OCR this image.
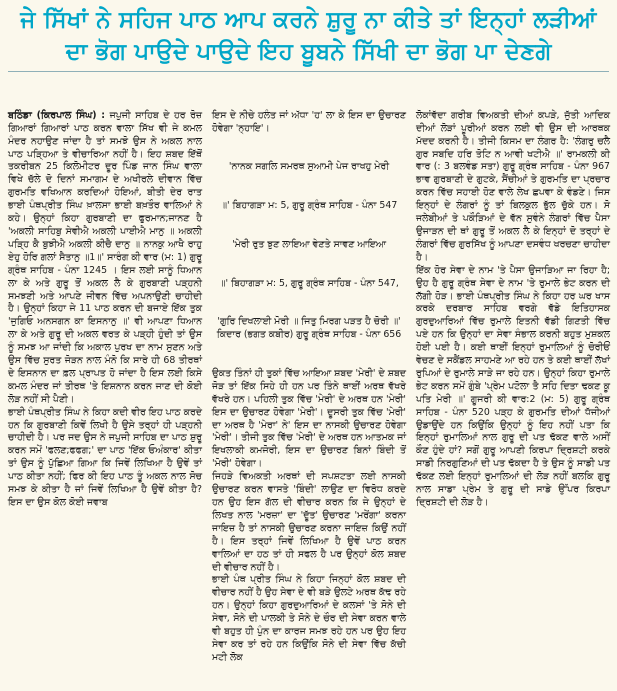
ਜੇ ਸਿੱਖਾਂ ਨੇ ਸਹਿਜ ਪਾਠ ਆਪ ਕਰਨੇ ਸ਼ੁਰੂ ਨਾ ਕੀਤੇ ਤਾਂ ਇਨ੍ਹਾਂ ਲੜੀਆਂ ਦਾ ਭੋਗ ਪਾਉਦੇ ਪਾਉਦੇ ਇਹ ਬੂਬਨੇ ਸਿੱਖੀ ਦਾ ਭੋਗ ਪਾ ਦੇਣਗੇ

ਬਠਿੰਡਾ (ਕਿਰਪਾਲ ਸਿੰਘ) : ਜਪੁਜੀ ਸਾਹਿਬ ਦੇ ਹਰ ਰੋਜ਼ ਗਿਆਰਾਂ ਗਿਆਰਾਂ ਪਾਠ ਕਰਨ ਵਾਲਾ ਸਿੱਖ ਵੀ ਜੇ ਕਮਲ ਮੰਦਰ ਨਹਾਉਣ ਜਾਂਦਾ ਹੈ ਤਾਂ ਸਮਝੋ ਉਸ ਨੇ ਅਕਲ ਨਾਲ ਪਾਠ ਪੜ੍ਹਿਆ ਤੇ ਵੀਚਾਰਿਆ ਨਹੀਂ ਹੈ। ਇਹ ਸ਼ਬਦ ਇੱਥੋਂ ਤਕਰੀਬਨ 25 ਕਿਲੋਮੀਟਰ ਦੂਰ ਪਿੰਡ ਜਾਨ ਸਿੰਘ ਵਾਲਾ ਵਿਖੇ ਚੱਲੇ ਦੋ ਦਿਨਾਂ ਸਮਾਗਮ ਦੇ ਅਖੀਰਲੇ ਦੀਵਾਨ ਵਿੱਚ ਗੁਰਮਤਿ ਵਖਿਆਨ ਕਰਦਿਆਂ ਹੋਇਆਂ, ਬੀਤੀ ਦੇਰ ਰਾਤ ਭਾਈ ਪੰਥਪ੍ਰੀਤ ਸਿੰਘ ਖ਼ਾਲਸਾ ਭਾਈ ਬਖ਼ਤੌਰ ਵਾਲਿਆਂ ਨੇ ਕਹੇ। ਉਨ੍ਹਾਂ ਕਿਹਾ ਗੁਰਬਾਣੀ ਦਾ ਫੁਰਮਾਨ;ਜਾਨਣ ਹੈ 'ਅਕਲੀ ਸਾਹਿਬੁ ਸੇਵੀਐ ਅਕਲੀ ਪਾਈਐ ਮਾਨੁ ॥ ਅਕਲੀ ਪੜ੍ਹਿ ਕੈ ਬੁਝੀਐ ਅਕਲੀ ਕੀਚੈ ਦਾਨੁ ॥ ਨਾਨਕੁ ਆਖੈ ਰਾਹੁ ਏਹੁ ਹੋਰਿ ਗਲਾਂ ਸੈਤਾਨੁ ॥1॥' ਸਾਰੰਗ ਕੀ ਵਾਰ (ਮ: 1) ਗੁਰੂ ਗ੍ਰੰਥ ਸਾਹਿਬ - ਪੰਨਾ 1245 । ਇਸ ਲਈ ਸਾਨੂੰ ਧਿਆਨ ਲਾ ਕੇ ਅਤੇ ਗੁਰੂ ਤੋਂ ਅਕਲ ਲੈ ਕੇ ਗੁਰਬਾਣੀ ਪੜ੍ਹਨੀ ਸਮਝਣੀ ਅਤੇ ਆਪਣੇ ਜੀਵਨ ਵਿੱਚ ਅਪਨਾਉਣੀ ਚਾਹੀਦੀ ਹੈ। ਉਨ੍ਹਾਂ ਕਿਹਾ ਜੇ 11 ਪਾਠ ਕਰਨ ਦੀ ਬਜਾਏ ਇੱਕ ਤੁਕ 'ਜੁਗਿਓ ਅਨਸਗਨ ਕਾ ਇਸਨਾਨੁ ॥' ਵੀ ਆਪਣਾ ਧਿਆਨ ਲਾ ਕੇ ਅਤੇ ਗੁਰੂ ਦੀ ਅਕਲ ਵਰਤ ਕੇ ਪੜ੍ਹੀ ਹੁੰਦੀ ਤਾਂ ਉਸ ਨੂੰ ਸਮਝ ਆ ਜਾਂਦੀ ਕਿ ਅਕਾਲ ਪੁਰਖ ਦਾ ਨਾਮ ਸੁਣਨ ਅਤੇ ਉਸ ਵਿੱਚ ਸੁਰਤ ਜੋੜਨ ਨਾਲ ਮੰਨੋ ਕਿ ਸਾਰੇ ਹੀ 68 ਤੀਰਥਾਂ ਦੇ ਇਸਨਾਨ ਦਾ ਫ਼ਲ ਪ੍ਰਾਪਤ ਹੋ ਜਾਂਦਾ ਹੈ ਇਸ ਲਈ ਕਿਸੇ ਕਮਲ ਮੰਦਰ ਜਾਂ ਤੀਰਥ 'ਤੇ ਇਸ਼ਨਾਨ ਕਰਨ ਜਾਣ ਦੀ ਕੋਈ ਲੋੜ ਨਹੀਂ ਸੀ ਪੈਣੀ।
ਭਾਈ ਪੰਥਪ੍ਰੀਤ ਸਿੰਘ ਨੇ ਕਿਹਾ ਕਦੀ ਵੀਰ ਇਹ ਪਾਠ ਕਰਦੇ ਹਨ ਕਿ ਗੁਰਬਾਣੀ ਕਿਵੇਂ ਲਿਖੀ ਹੈ ਉਸੇ ਤਰ੍ਹਾਂ ਹੀ ਪੜ੍ਹਨੀ ਚਾਹੀਦੀ ਹੈ। ਪਰ ਜਦ ਉਸ ਨੇ ਜਪੁਜੀ ਸਾਹਿਬ ਦਾ ਪਾਠ ਸ਼ੁਰੂ ਕਰਨ ਸਮੇਂ 'ਫਲਣ;ਫਫਗ;' ਦਾ ਪਾਠ 'ਇੱਕ ਓਅੰਕਾਰ' ਕੀਤਾ ਤਾਂ ਉਸ ਨੂੰ ਪੁੱਛਿਆ ਗਿਆ ਕਿ ਜਿਵੇਂ ਲਿਖਿਆ ਹੈ ਉਵੇਂ ਤਾਂ ਪਾਠ ਕੀਤਾ ਨਹੀਂ; ਫਿਰ ਕੀ ਇਹ ਪਾਠ ਤੂੰ ਅਕਲ ਨਾਲ ਸੋਚ ਸਮਝ ਕੇ ਕੀਤਾ ਹੈ ਜਾਂ ਜਿਵੇਂ ਲਿਖਿਆ ਹੈ ਉਵੇਂ ਕੀਤਾ ਹੈ? ਇਸ ਦਾ ਉਸ ਕੋਲ ਕੋਈ ਜਵਾਬ

ਇਸ ਦੇ ਨੀਚੇ ਹਲੰਤ ਜਾਂ ਅੱਧਾ 'ਹ' ਲਾ ਕੇ ਇਸ ਦਾ ਉਚਾਰਣ ਹੋਵੇਗਾ 'ਨ੍ਹਾਇ'।

'ਨਾਨਕ ਸਗਲਿ ਸਮਰਥ ਸੁਆਮੀ ਪੇਜ ਰਾਖਹੁ ਮੇਰੀ

॥' ਬਿਹਾਗੜਾ ਮ: 5, ਗੁਰੂ ਗ੍ਰੰਥ ਸਾਹਿਬ - ਪੰਨਾ 547

'ਮੇਰੀ ਰੁਤ ਝੁਣ ਲਾਇਆ ਵੇਣਤੇ ਸਾਵਣ ਆਇਆ

॥' ਬਿਹਾਗੜਾ ਮ: 5, ਗੁਰੂ ਗ੍ਰੰਥ ਸਾਹਿਬ - ਪੰਨਾ 547,

'ਗੁਰਿ ਦਿਖਲਾਈ ਮੋਰੀ ॥ ਜਿਤੁ ਮਿਰਗ ਪੜਤ ਹੈ ਚੋਰੀ ॥' ਕਿਦਾਰ (ਭਗਤ ਕਬੀਰ) ਗੁਰੂ ਗ੍ਰੰਥ ਸਾਹਿਬ - ਪੰਨਾ 656

ਉਕਤ ਤਿੰਨਾਂ ਹੀ ਤੁਕਾਂ ਵਿੱਚ ਆਇਆ ਸ਼ਬਦ 'ਮੇਰੀ' ਦੇ ਸ਼ਬਦ ਜੋੜ ਤਾਂ ਇੱਕ ਸਿਹੇ ਹੀ ਹਨ ਪਰ ਤਿੰਨੇ ਥਾਈਂ ਅਰਥ ਵੱਖਰੇ ਵੱਖਰੇ ਹਨ। ਪਹਿਲੀ ਤੁਕ ਵਿੱਚ 'ਮੇਰੀ' ਦੇ ਅਰਥ ਹਨ 'ਮੇਰੀ' ਇਸ ਦਾ ਉਚਾਰਣ ਹੋਵੇਗਾ 'ਮੇਰੀ'। ਦੂਸਰੀ ਤੁਕ ਵਿੱਚ 'ਮੇਰੀ' ਦਾ ਅਰਥ ਹੈ 'ਮੇਰਾ' ਨੇ' ਇਸ ਦਾ ਨਾਸਕੀ ਉਚਾਰਣ ਹੋਵੇਗਾ 'ਮੇਰੀ'। ਤੀਜੀ ਤੁਕ ਵਿੱਚ 'ਮੇਰੀ' ਦੇ ਅਰਥ ਹਨ ਆਤਮਕ ਜਾਂ ਇਖਲਾਕੀ ਕਮਜੋਰੀ, ਇਸ ਦਾ ਉਚਾਰਣ ਬਿਨਾਂ ਬਿੰਦੀ ਤੋਂ 'ਮੋਰੀ' ਹੋਵੇਗਾ।
ਜਿਹੜੇ ਵਿਅਕਤੀ ਅਰਥਾਂ ਦੀ ਸਪਸ਼ਟਤਾ ਲਈ ਨਾਸਕੀ ਉਚਾਰਣ ਕਰਨ ਵਾਸਤੇ 'ਬਿੰਦੀ' ਲਾਉਣ ਦਾ ਵਿਰੋਧ ਕਰਦੇ ਹਨ ਉਹ ਇਸ ਗੱਲ ਦੀ ਵੀਚਾਰ ਕਰਨ ਕਿ ਜੇ ਉਨ੍ਹਾਂ ਦੇ ਲਿਖਤ ਨਾਲ 'ਮਰਜ਼ਾ' ਦਾ 'ਦੂੱਤ' ਉਚਾਰਣ 'ਮਰੇਂਗਾ' ਕਰਨਾ ਜਾਇਜ਼ ਹੈ ਤਾਂ ਨਾਸਕੀ ਉਚਾਰਣ ਕਰਨਾ ਜਾਇਜ਼ ਕਿਉਂ ਨਹੀਂ ਹੈ। ਇਸ ਤਰ੍ਹਾਂ ਜਿਵੇਂ ਲਿਖਿਆ ਹੈ ਉਵੇਂ ਪਾਠ ਕਰਨ ਵਾਲਿਆਂ ਦਾ ਹਠ ਤਾਂ ਹੀ ਸਫਲ ਹੈ ਪਰ ਉਨ੍ਹਾਂ ਕੋਲ ਸ਼ਬਦ ਦੀ ਵੀਚਾਰ ਨਹੀਂ ਹੈ।
ਭਾਈ ਪੰਥ ਪ੍ਰੀਤ ਸਿੰਘ ਨੇ ਕਿਹਾ ਜਿਨ੍ਹਾਂ ਕੋਲ ਸ਼ਬਦ ਦੀ ਵੀਚਾਰ ਨਹੀਂ ਹੈ ਉਹ ਸੇਵਾ ਦੇ ਵੀ ਬੜੇ ਉਲਟੇ ਅਰਥ ਕੱਢ ਰਹੇ ਹਨ। ਉਨ੍ਹਾਂ ਕਿਹਾ ਗੁਰਦੁਆਰਿਆਂ ਦੇ ਕਲਸਾਂ 'ਤੇ ਸੋਨੇ ਦੀ ਸੇਵਾ, ਸੋਨੇ ਦੀ ਪਾਲਕੀ ਤੇ ਸੋਨੇ ਦੇ ਚੌਰ ਦੀ ਸੇਵਾ ਕਰਨ ਵਾਲੇ ਵੀ ਬਹੁਤ ਹੀ ਪੁੰਨ ਦਾ ਕਾਰਜ ਸਮਝ ਰਹੇ ਹਨ ਪਰ ਉਹ ਇਹ ਸੇਵਾ ਕਰ ਤਾਂ ਰਹੇ ਹਨ ਕਿਉਂਕਿ ਸੋਨੇ ਦੀ ਸੇਵਾ ਵਿੱਚ ਕੱਚੀ ਮਟੀ ਲੋਕ

ਲੋਕਾਂਵੱਦਾ ਗਰੀਬ ਵਿਅਕਤੀ ਦੀਆਂ ਕਪੜੇ, ਜੁੱਤੀ ਆਦਿਕ ਦੀਆਂ ਲੋੜਾਂ ਪੂਰੀਆਂ ਕਰਨ ਲਈ ਵੀ ਉਸ ਦੀ ਆਰਥਕ ਮੱਦਦ ਕਰਨੀ ਹੈ। ਤੀਜੀ ਕਿਸਮ ਦਾ ਲੰਗਰ ਹੈ: 'ਲੰਗਰੁ ਚਲੈ ਗੁਰ ਸਬਦਿ ਹਰਿ ਤੋਟਿ ਨ ਆਵੀ ਖਟੀਐ ॥' ਰਾਮਕਲੀ ਕੀ ਵਾਰ (: 3 ਬਲਵੰਡ ਸਤਾ) ਗੁਰੂ ਗ੍ਰੰਥ ਸਾਹਿਬ - ਪੰਨਾ 967 ਭਾਵ ਗੁਰਬਾਣੀ ਦੇ ਗੁਟਕੇ, ਸੈਂਚੀਆਂ ਤੇ ਗੁਰਮਤਿ ਦਾ ਪ੍ਰਚਾਰ ਕਰਨ ਵਿੱਚ ਸਹਾਈ ਹੋਣ ਵਾਲੇ ਲੇਖ ਛਪਵਾ ਕੇ ਵੰਡਣੇ। ਜਿਸ ਇਨ੍ਹਾਂ ਦੇ ਲੰਗਰਾਂ ਨੂੰ ਤਾਂ ਬਿਲਕੁਲ ਭੁੱਲ ਚੁੱਕੇ ਹਨ। ਸੋ ਜਲੇਬੀਆਂ ਤੇ ਪਕੌੜਿਆਂ ਦੇ ਵੱਨ ਸੁਵੰਨੇ ਲੰਗਰਾਂ ਵਿੱਚ ਪੈਸਾ ਉਜਾੜਨ ਦੀ ਥਾਂ ਗੁਰੂ ਤੋਂ ਅਕਲ ਲੈ ਕੇ ਇਨ੍ਹਾਂ ਦੋ ਤਰ੍ਹਾਂ ਦੇ ਲੰਗਰਾਂ ਵਿੱਚ ਗੁਰਸਿੱਖ ਨੂੰ ਆਪਣਾ ਦਸਵੰਧ ਖਰਚਣਾ ਚਾਹੀਦਾ ਹੈ।
ਇੱਕ ਹੋਰ ਸੇਵਾ ਦੇ ਨਾਮ 'ਤੇ ਪੈਸਾ ਉਜਾੜਿਆ ਜਾ ਰਿਹਾ ਹੈ; ਉਹ ਹੈ ਗੁਰੂ ਗ੍ਰੰਥ ਸੇਵਾ ਦੇ ਨਾਮ 'ਤੇ ਰੁਮਾਲੇ ਭੇਟ ਕਰਨ ਦੀ ਲੱਗੀ ਹੋੜ। ਭਾਈ ਪੰਥਪ੍ਰੀਤ ਸਿੰਘ ਨੇ ਕਿਹਾ ਹਰ ਘਰ ਖਾਸ ਕਰਕੇ ਦਰਬਾਰ ਸਾਹਿਬ ਵਰਗੇ ਵੱਡੇ ਇਤਿਹਾਸਕ ਗੁਰਦੁਆਰਿਆਂ ਵਿੱਚ ਰੁਮਾਲੇ ਇਤਨੀ ਵੱਡੀ ਗਿਣਤੀ ਵਿੱਚ ਪਏ ਹਨ ਕਿ ਉਨ੍ਹਾਂ ਦਾ ਸੇਵਾ ਸੰਭਾਲ ਕਰਨੀ ਬਹੁਤ ਮੁਸ਼ਕਲ ਹੋਈ ਪਈ ਹੈ। ਕਈ ਥਾਈਂ ਇਨ੍ਹਾਂ ਰੁਮਾਲਿਆਂ ਨੂੰ ਚੋਰੀਓਂ ਵੇਚਣ ਦੇ ਸਕੈਂਡਲ ਸਾਹਮਣੇ ਆ ਰਹੇ ਹਨ ਤੇ ਕਈ ਥਾਈਂ ਲੱਖਾਂ ਰੁਪਿਆਂ ਦੇ ਰੁਮਾਲੇ ਸਾੜੇ ਜਾ ਰਹੇ ਹਨ। ਉਨ੍ਹਾਂ ਕਿਹਾ ਰੁਮਾਲੇ ਭੇਟ ਕਰਨ ਸਮੇਂ ਗੁੰਬੇ 'ਪ੍ਰੇਮ ਪਟੋਲਾ ਤੈ ਸਹਿ ਦਿਤਾ ਢਕਣ ਕੂ ਪਤਿ ਮੇਰੀ ॥' ਗੂਜਰੀ ਕੀ ਵਾਰ:2 (ਮ: 5) ਗੁਰੂ ਗ੍ਰੰਥ ਸਾਹਿਬ - ਪੰਨਾ 520 ਪੜ੍ਹ ਕੇ ਗੁਰਮਤਿ ਦੀਆਂ ਧੱਜੀਆਂ ਉਡਾਉਂਦੇ ਹਨ ਕਿਉਂਕਿ ਉਨ੍ਹਾਂ ਨੂੰ ਇਹ ਨਹੀਂ ਪਤਾ ਕਿ ਇਨ੍ਹਾਂ ਰੁਮਾਲਿਆਂ ਨਾਲ ਗੁਰੂ ਦੀ ਪਤ ਢੱਕਣ ਵਾਲੇ ਅਸੀਂ ਕੌਣ ਹੁੰਦੇ ਹਾਂ? ਸਗੋਂ ਗੁਰੂ ਆਪਣੀ ਕਿਰਪਾ ਦ੍ਰਿਸ਼ਟੀ ਕਰਕੇ ਸਾਡੀ ਨਿਰਗੁਣਿਆਂ ਦੀ ਪਤ ਢੱਕਦਾ ਹੈ ਤੇ ਉਸ ਨੂੰ ਸਾਡੀ ਪਤ ਢੱਕਣ ਲਈ ਇਨ੍ਹਾਂ ਰੁਮਾਲਿਆਂ ਦੀ ਲੋੜ ਨਹੀਂ ਬਲਕਿ ਗੁਰੂ ਨਾਲ ਸਾਡਾ ਪ੍ਰੇਮ ਤੇ ਗੁਰੂ ਦੀ ਸਾਡੇ ਉੱਪਰ ਕਿਰਪਾ ਦ੍ਰਿਸ਼ਟੀ ਦੀ ਲੋੜ ਹੈ।
